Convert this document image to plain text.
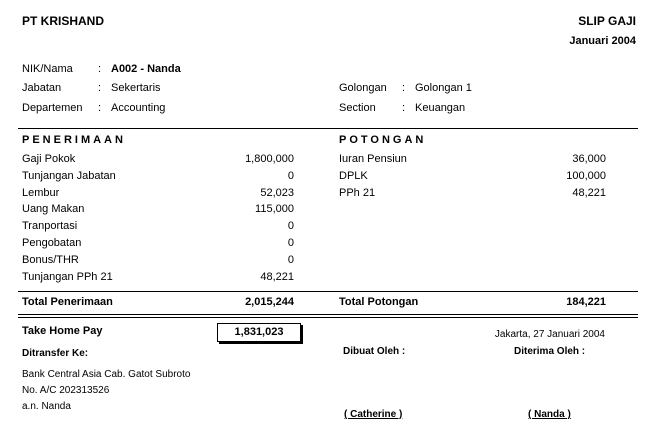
PT KRISHAND	SLIP GAJI
Januari 2004
NIK/Nama : A002 - Nanda
Jabatan	: Sekertaris
Departemen : Accounting
Golongan : Golongan 1
Section : Keuangan
PENERIMAAN	POTONGAN
Gaji Pokok	1,800,000
Tunjangan Jabatan	0
Lembur	52,023
Uang Makan	115,000
Tranportasi	0
Pengobatan	0
Bonus/THR	0
Tunjangan PPh 21	48,221
Iuran Pensiun	36,000
DPLK	100,000
PPh 21	48,221
Total Penerimaan	2,015,244	Total Potongan	184,221
Take Home Pay	1,831,023
Ditransfer Ke:
Bank Central Asia Cab. Gatot Subroto
No. A/C 202313526
a.n. Nanda
Jakarta, 27 Januari 2004
Dibuat Oleh :	Diterima Oleh :
( Catherine )	( Nanda )
